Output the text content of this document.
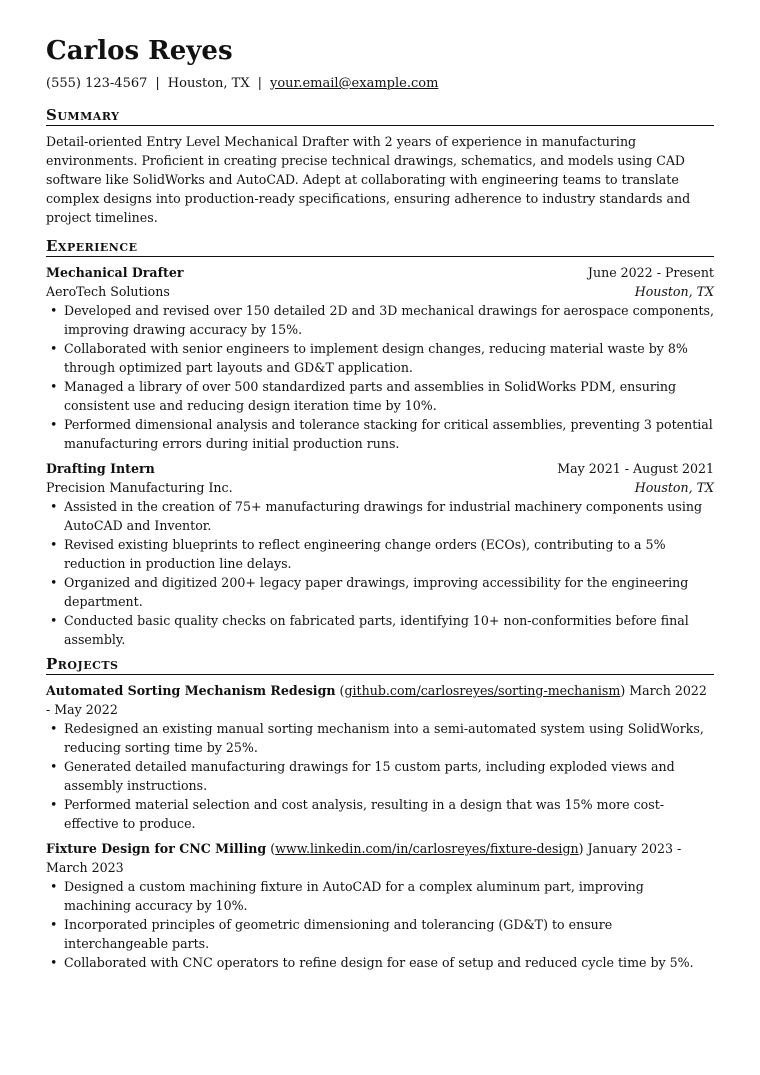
Carlos Reyes
(555) 123-4567 | Houston, TX | your.email@example.com
Summary

Detail-oriented Entry Level Mechanical Drafter with 2 years of experience in manufacturing environments. Proficient in creating precise technical drawings, schematics, and models using CAD software like SolidWorks and AutoCAD. Adept at collaborating with engineering teams to translate complex designs into production-ready specifications, ensuring adherence to industry standards and project timelines.

Experience
Mechanical Drafter	June 2022 - Present
AeroTech Solutions	Houston, TX
• Developed and revised over 150 detailed 2D and 3D mechanical drawings for aerospace components, improving drawing accuracy by 15%.
• Collaborated with senior engineers to implement design changes, reducing material waste by 8% through optimized part layouts and GD&T application.
• Managed a library of over 500 standardized parts and assemblies in SolidWorks PDM, ensuring consistent use and reducing design iteration time by 10%.
• Performed dimensional analysis and tolerance stacking for critical assemblies, preventing 3 potential manufacturing errors during initial production runs.
Drafting Intern	May 2021 - August 2021
Precision Manufacturing Inc.	Houston, TX
• Assisted in the creation of 75+ manufacturing drawings for industrial machinery components using AutoCAD and Inventor.
• Revised existing blueprints to reflect engineering change orders (ECOs), contributing to a 5% reduction in production line delays.
• Organized and digitized 200+ legacy paper drawings, improving accessibility for the engineering department.
• Conducted basic quality checks on fabricated parts, identifying 10+ non-conformities before final assembly.
Projects
Automated Sorting Mechanism Redesign (github.com/carlosreyes/sorting-mechanism) March 2022 - May 2022
• Redesigned an existing manual sorting mechanism into a semi-automated system using SolidWorks, reducing sorting time by 25%.
• Generated detailed manufacturing drawings for 15 custom parts, including exploded views and assembly instructions.
• Performed material selection and cost analysis, resulting in a design that was 15% more cost-effective to produce.
Fixture Design for CNC Milling (www.linkedin.com/in/carlosreyes/fixture-design) January 2023 - March 2023
• Designed a custom machining fixture in AutoCAD for a complex aluminum part, improving machining accuracy by 10%.
• Incorporated principles of geometric dimensioning and tolerancing (GD&T) to ensure interchangeable parts.
• Collaborated with CNC operators to refine design for ease of setup and reduced cycle time by 5%.
